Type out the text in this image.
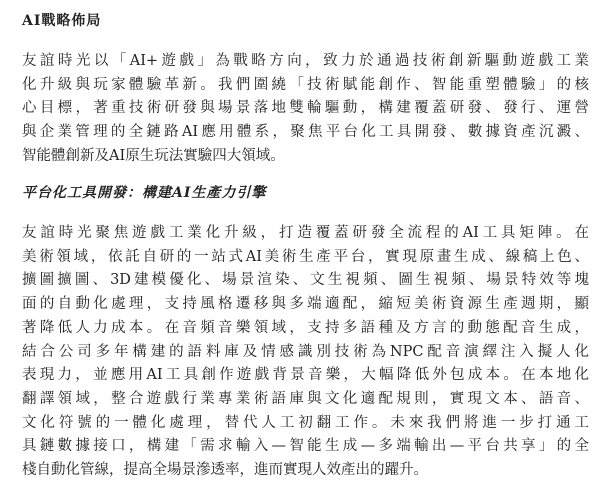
AI戰略佈局
友誼時光以「AI+遊戲」為戰略方向，致力於通過技術創新驅動遊戲工業
化升級與玩家體驗革新。我們圍繞「技術賦能創作、智能重塑體驗」的核
心目標，著重技術研發與場景落地雙輪驅動，構建覆蓋研發、發行、運營
與企業管理的全鏈路AI應用體系，聚焦平台化工具開發、數據資產沉澱、
智能體創新及AI原生玩法實驗四大領域。
平台化工具開發：構建AI生產力引擎
友誼時光聚焦遊戲工業化升級，打造覆蓋研發全流程的AI工具矩陣。在
美術領域，依託自研的一站式AI美術生產平台，實現原畫生成、線稿上色、
擴圖擴圖、3D建模優化、場景渲染、文生視頻、圖生視頻、場景特效等塊
面的自動化處理，支持風格遷移與多端適配，縮短美術資源生產週期，顯
著降低人力成本。在音頻音樂領域，支持多語種及方言的動態配音生成，
結合公司多年構建的語料庫及情感識別技術為NPC配音演繹注入擬人化
表現力，並應用AI工具創作遊戲背景音樂，大幅降低外包成本。在本地化
翻譯領域，整合遊戲行業專業術語庫與文化適配規則，實現文本、語音、
文化符號的一體化處理，替代人工初翻工作。未來我們將進一步打通工
具鏈數據接口，構建「需求輸入—智能生成—多端輸出—平台共享」的全
棧自動化管線，提高全場景滲透率，進而實現人效產出的躍升。
